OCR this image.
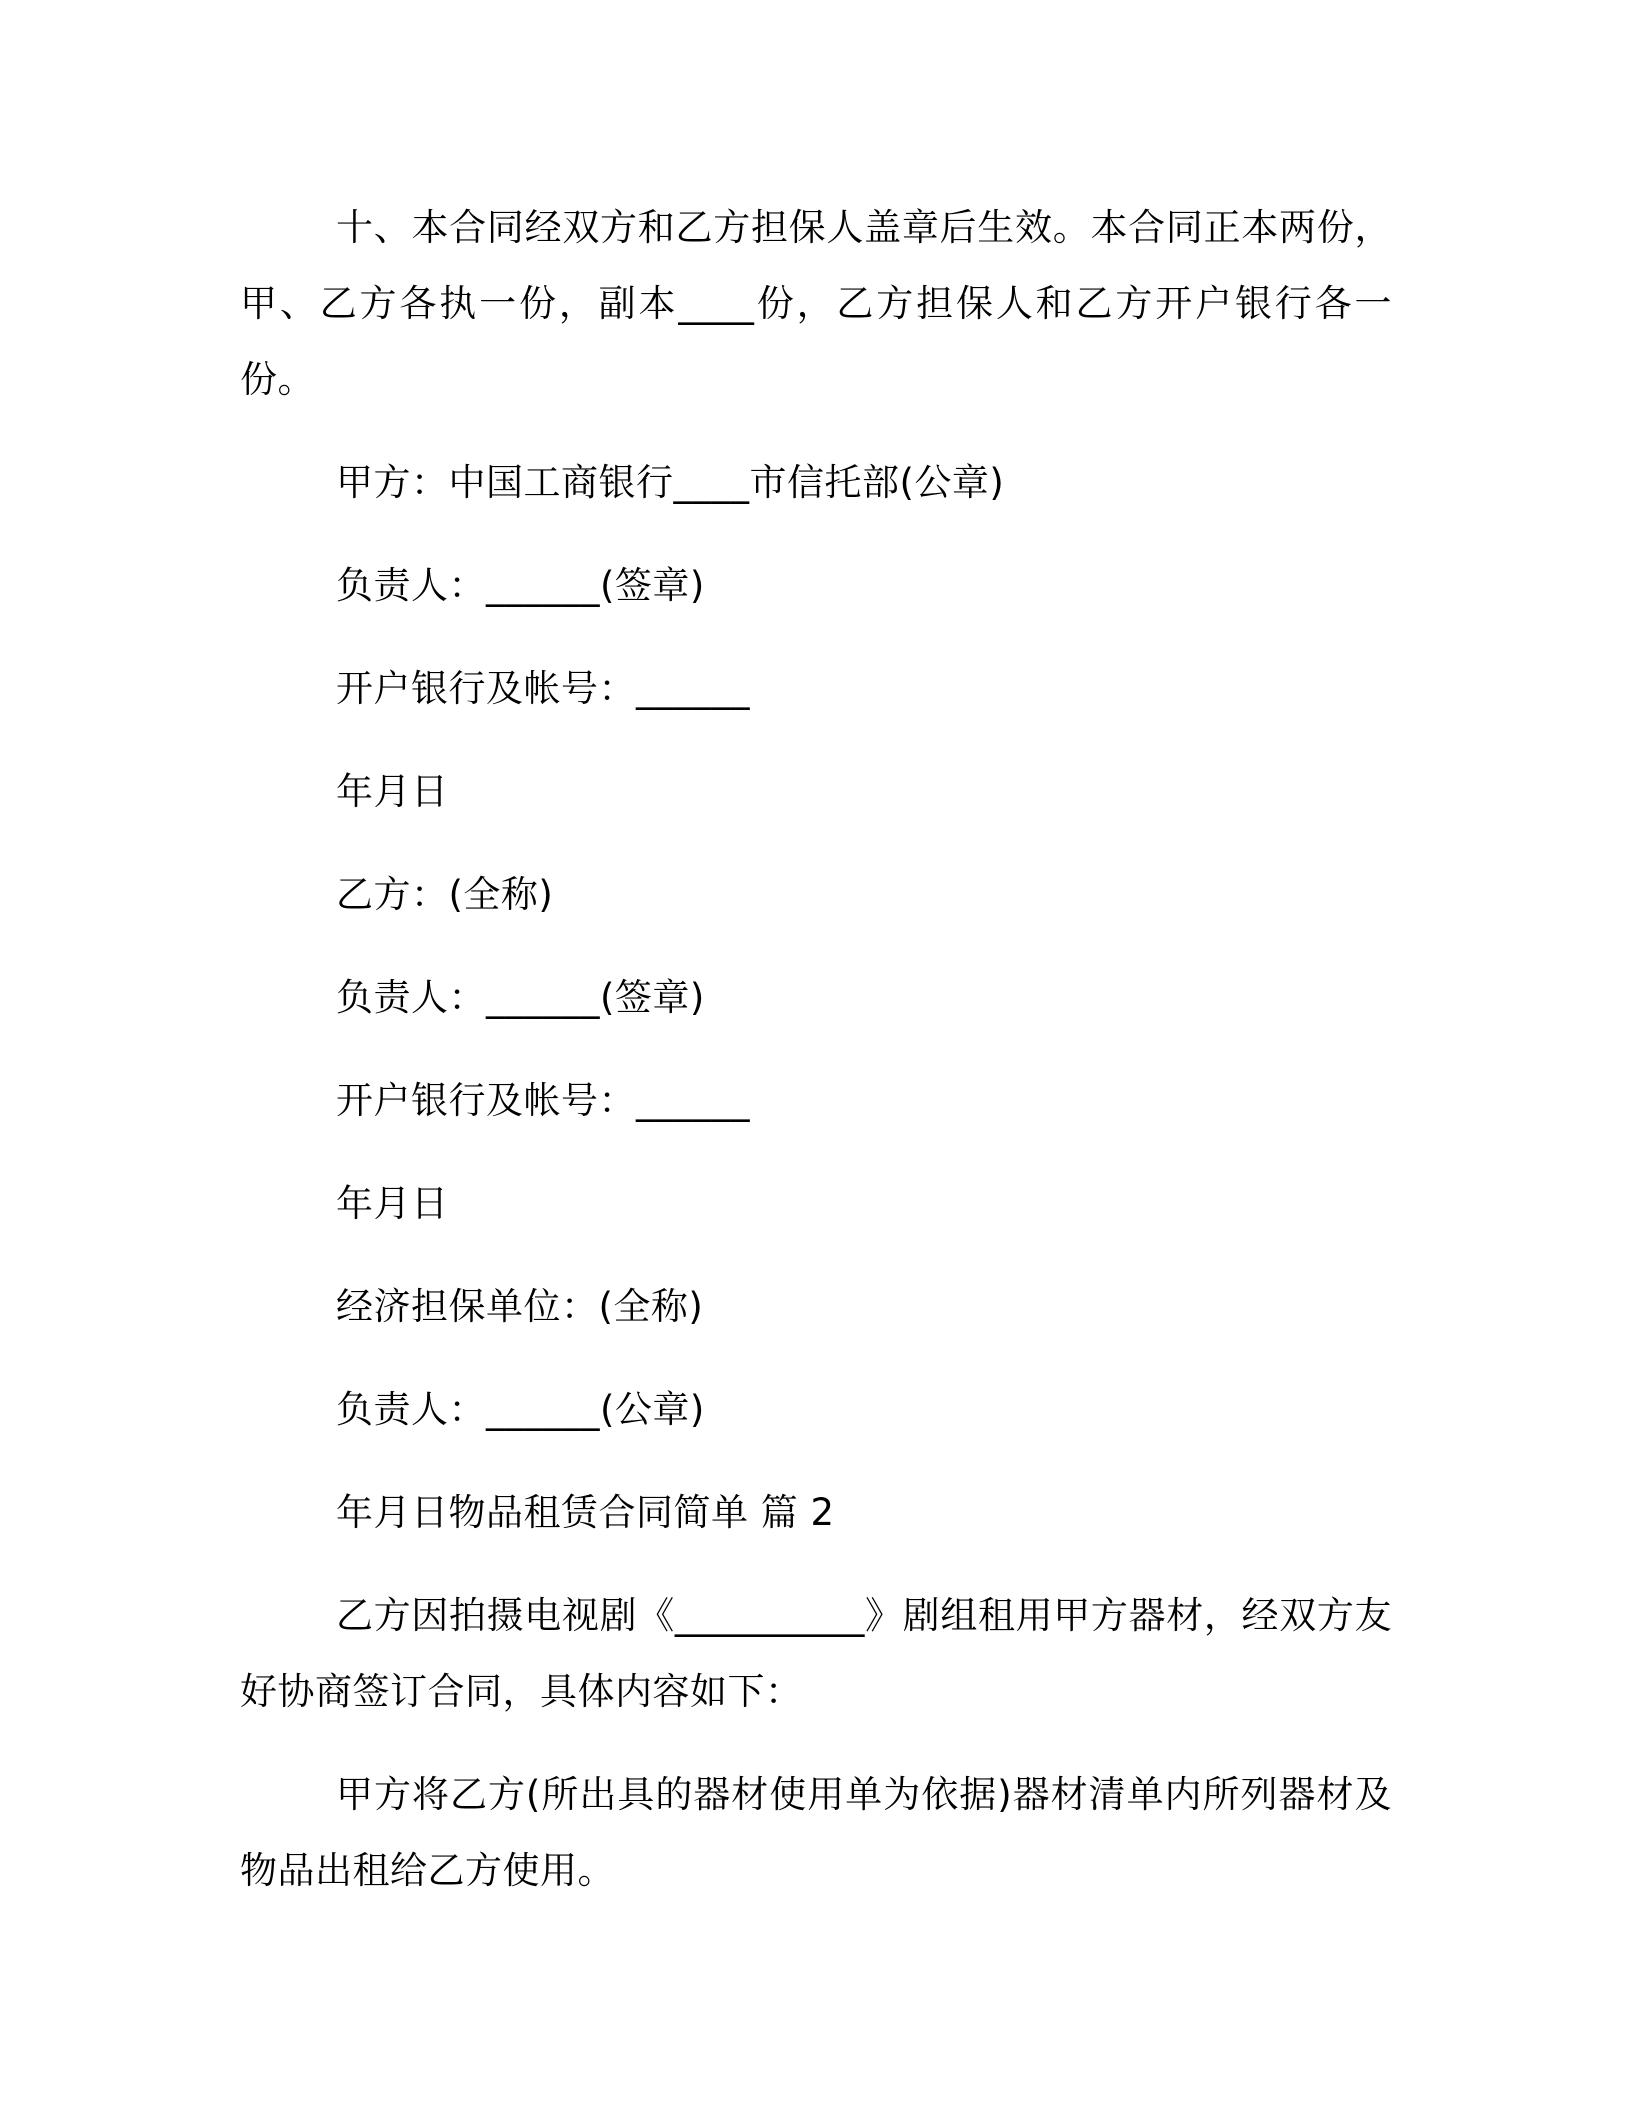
十、本合同经双方和乙方担保人盖章后生效。本合同正本两份，甲、乙方各执一份，副本____份，乙方担保人和乙方开户银行各一份。

甲方：中国工商银行____市信托部(公章)

负责人：______(签章)

开户银行及帐号：______

年月日

乙方：(全称)

负责人：______(签章)

开户银行及帐号：______

年月日

经济担保单位：(全称)

负责人：______(公章)

年月日物品租赁合同简单 篇 2

乙方因拍摄电视剧《__________》剧组租用甲方器材，经双方友好协商签订合同，具体内容如下：

甲方将乙方(所出具的器材使用单为依据)器材清单内所列器材及物品出租给乙方使用。
